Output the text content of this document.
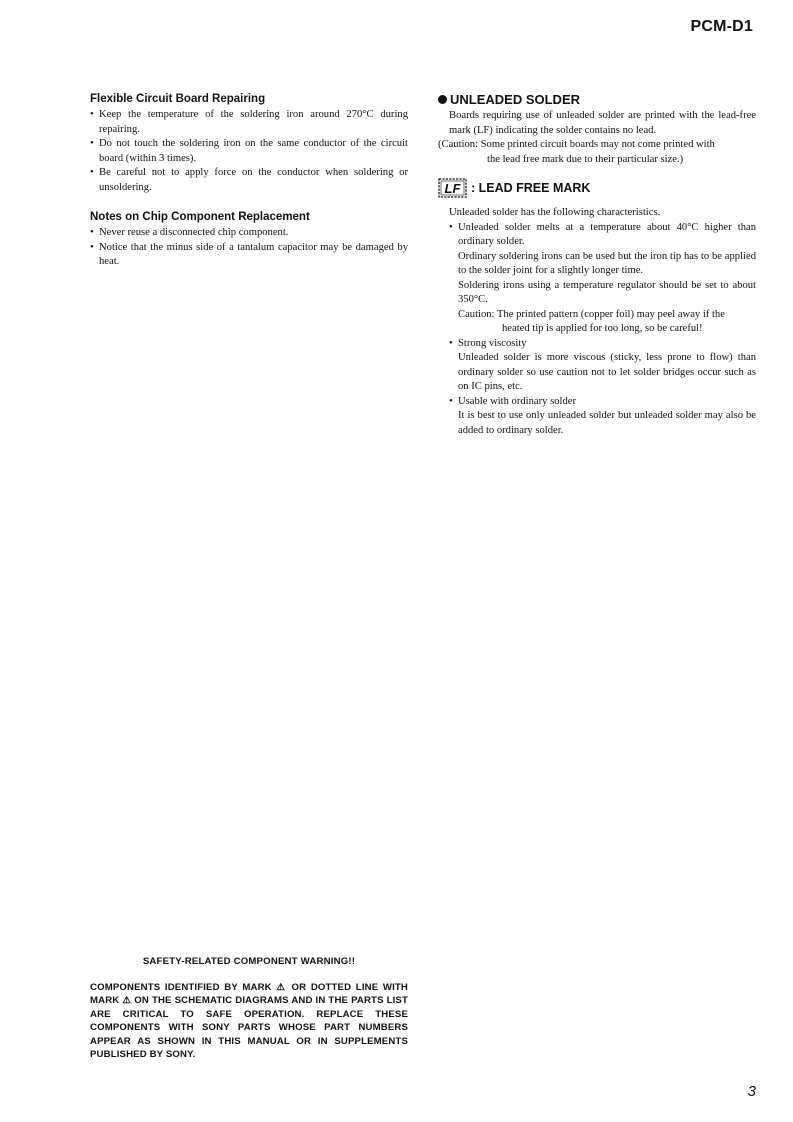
PCM-D1
Flexible Circuit Board Repairing
• Keep the temperature of the soldering iron around 270°C during repairing.
• Do not touch the soldering iron on the same conductor of the circuit board (within 3 times).
• Be careful not to apply force on the conductor when soldering or unsoldering.
Notes on Chip Component Replacement
• Never reuse a disconnected chip component.
• Notice that the minus side of a tantalum capacitor may be damaged by heat.
UNLEADED SOLDER
Boards requiring use of unleaded solder are printed with the lead-free mark (LF) indicating the solder contains no lead.
(Caution: Some printed circuit boards may not come printed with
the lead free mark due to their particular size.)
LF : LEAD FREE MARK
Unleaded solder has the following characteristics.
• Unleaded solder melts at a temperature about 40°C higher than ordinary solder.
Ordinary soldering irons can be used but the iron tip has to be applied to the solder joint for a slightly longer time.
Soldering irons using a temperature regulator should be set to about 350°C.
Caution: The printed pattern (copper foil) may peel away if the
heated tip is applied for too long, so be careful!
• Strong viscosity
Unleaded solder is more viscous (sticky, less prone to flow) than ordinary solder so use caution not to let solder bridges occur such as on IC pins, etc.
• Usable with ordinary solder
It is best to use only unleaded solder but unleaded solder may also be added to ordinary solder.
SAFETY-RELATED COMPONENT WARNING!!
COMPONENTS IDENTIFIED BY MARK ⚠ OR DOTTED LINE WITH MARK ⚠ ON THE SCHEMATIC DIAGRAMS AND IN THE PARTS LIST ARE CRITICAL TO SAFE OPERATION. REPLACE THESE COMPONENTS WITH SONY PARTS WHOSE PART NUMBERS APPEAR AS SHOWN IN THIS MANUAL OR IN SUPPLEMENTS PUBLISHED BY SONY.
3
